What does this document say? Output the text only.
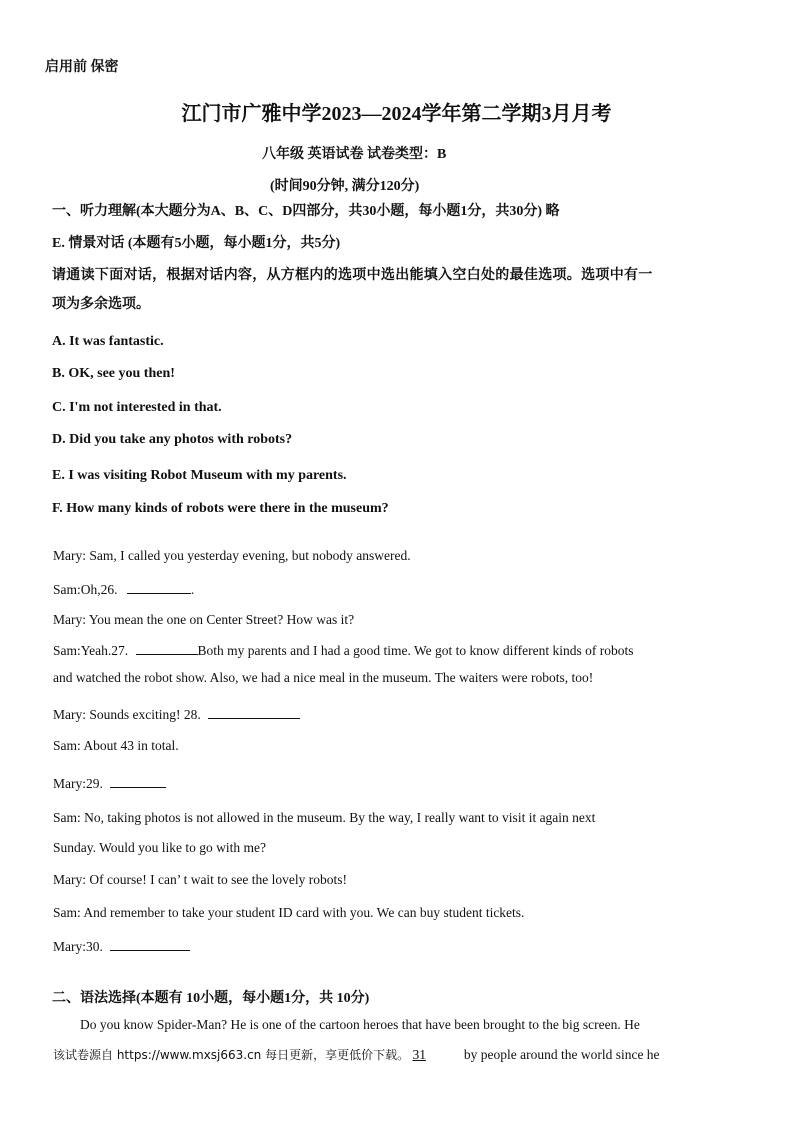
启用前 保密
江门市广雅中学2023—2024学年第二学期3月月考
八年级 英语试卷 试卷类型：B
(时间90分钟, 满分120分)
一、听力理解(本大题分为A、B、C、D四部分，共30小题，每小题1分，共30分) 略
E. 情景对话 (本题有5小题，每小题1分，共5分)
请通读下面对话，根据对话内容，从方框内的选项中选出能填入空白处的最佳选项。选项中有一
项为多余选项。
A. It was fantastic.
B. OK, see you then!
C. I'm not interested in that.
D. Did you take any photos with robots?
E. I was visiting Robot Museum with my parents.
F. How many kinds of robots were there in the museum?
Mary: Sam, I called you yesterday evening, but nobody answered.
Sam:Oh,26.	.
Mary: You mean the one on Center Street? How was it?
Sam:Yeah.27.	Both my parents and I had a good time. We got to know different kinds of robots
and watched the robot show. Also, we had a nice meal in the museum. The waiters were robots, too!
Mary: Sounds exciting! 28.
Sam: About 43 in total.
Mary:29.
Sam: No, taking photos is not allowed in the museum. By the way, I really want to visit it again next
Sunday. Would you like to go with me?
Mary: Of course! I can’ t wait to see the lovely robots!
Sam: And remember to take your student ID card with you. We can buy student tickets.
Mary:30.
二、语法选择(本题有 10小题，每小题1分，共 10分)
Do you know Spider-Man? He is one of the cartoon heroes that have been brought to the big screen. He
该试卷源自 https://www.mxsj663.cn 每日更新，享更低价下载。 31	by people around the world since he
